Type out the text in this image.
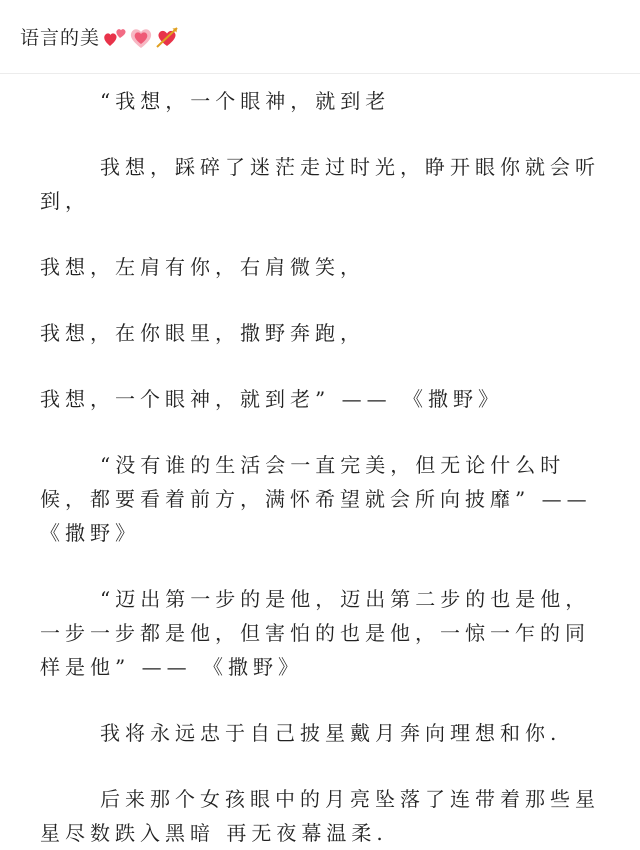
语言的美

“我想，一个眼神，就到老

我想，踩碎了迷茫走过时光，睁开眼你就会听到，

我想，左肩有你，右肩微笑，

我想，在你眼里，撒野奔跑，

我想，一个眼神，就到老” —— 《撒野》

“没有谁的生活会一直完美，但无论什么时候，都要看着前方，满怀希望就会所向披靡” —— 《撒野》

“迈出第一步的是他，迈出第二步的也是他，一步一步都是他，但害怕的也是他，一惊一乍的同样是他” —— 《撒野》

我将永远忠于自己披星戴月奔向理想和你.

后来那个女孩眼中的月亮坠落了连带着那些星星尽数跌入黑暗 再无夜幕温柔.
